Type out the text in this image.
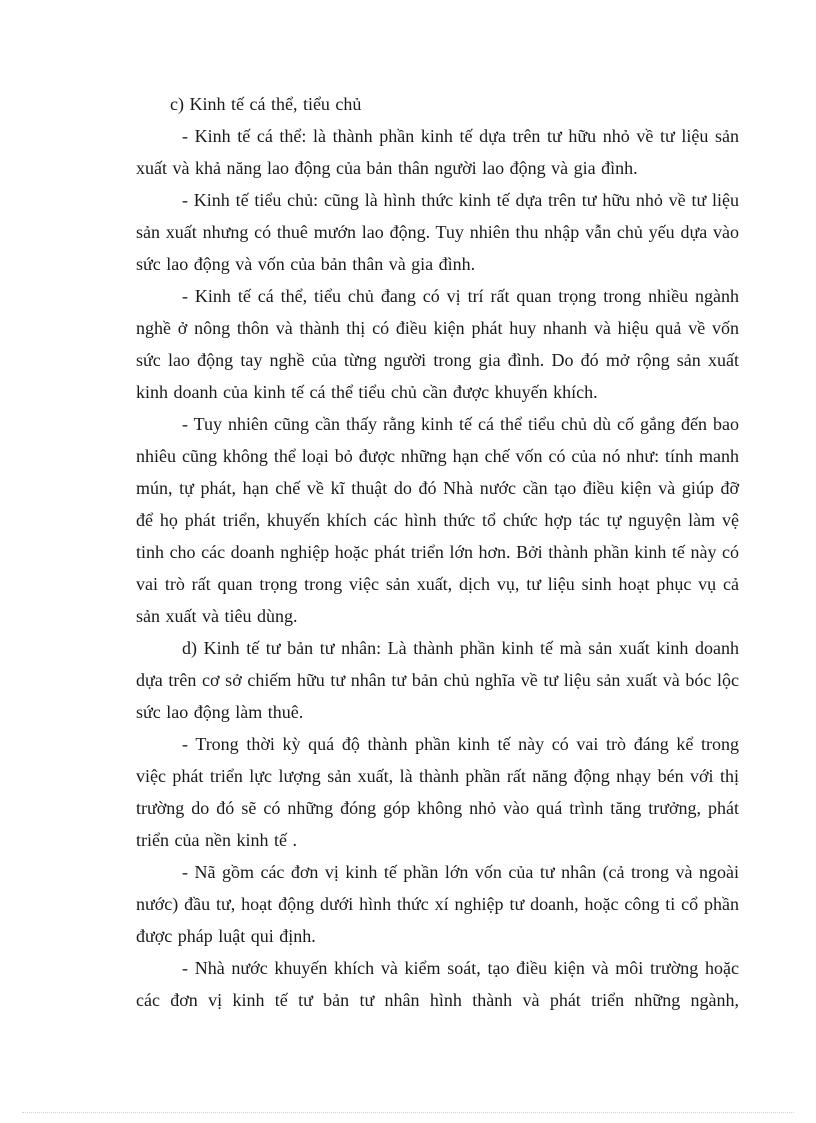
c) Kinh tế cá thể, tiểu chủ

- Kinh tế cá thể: là thành phần kinh tế dựa trên tư hữu nhỏ về tư liệu sản xuất và khả năng lao động của bản thân người lao động và gia đình.

- Kinh tế tiểu chủ: cũng là hình thức kinh tế dựa trên tư hữu nhỏ về tư liệu sản xuất nhưng có thuê mướn lao động. Tuy nhiên thu nhập vẫn chủ yếu dựa vào sức lao động và vốn của bản thân và gia đình.

- Kinh tế cá thể, tiểu chủ đang có vị trí rất quan trọng trong nhiều ngành nghề ở nông thôn và thành thị có điều kiện phát huy nhanh và hiệu quả về vốn sức lao động tay nghề của từng người trong gia đình. Do đó mở rộng sản xuất kinh doanh của kinh tế cá thể tiểu chủ cần được khuyến khích.

- Tuy nhiên cũng cần thấy rằng kinh tế cá thể tiểu chủ dù cố gắng đến bao nhiêu cũng không thể loại bỏ được những hạn chế vốn có của nó như: tính manh mún, tự phát, hạn chế về kĩ thuật do đó Nhà nước cần tạo điều kiện và giúp đỡ để họ phát triển, khuyến khích các hình thức tổ chức hợp tác tự nguyện làm vệ tinh cho các doanh nghiệp hoặc phát triển lớn hơn. Bởi thành phần kinh tế này có vai trò rất quan trọng trong việc sản xuất, dịch vụ, tư liệu sinh hoạt phục vụ cả sản xuất và tiêu dùng.

d) Kinh tế tư bản tư nhân: Là thành phần kinh tế mà sản xuất kinh doanh dựa trên cơ sở chiếm hữu tư nhân tư bản chủ nghĩa về tư liệu sản xuất và bóc lộc sức lao động làm thuê.

- Trong thời kỳ quá độ thành phần kinh tế này có vai trò đáng kể trong việc phát triển lực lượng sản xuất, là thành phần rất năng động nhạy bén với thị trường do đó sẽ có những đóng góp không nhỏ vào quá trình tăng trưởng, phát triển của nền kinh tế .

- Nã gồm các đơn vị kinh tế phần lớn vốn của tư nhân (cả trong và ngoài nước) đầu tư, hoạt động dưới hình thức xí nghiệp tư doanh, hoặc công ti cổ phần được pháp luật qui định.

- Nhà nước khuyến khích và kiểm soát, tạo điều kiện và môi trường hoặc các đơn vị kinh tế tư bản tư nhân hình thành và phát triển những ngành,
